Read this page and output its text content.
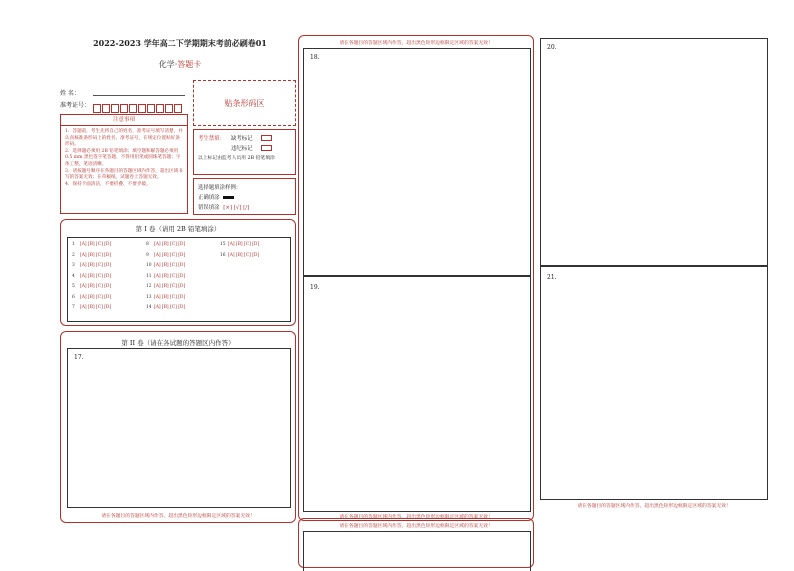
2022-2023 学年高二下学期期末考前必刷卷01
化学·答题卡
姓 名：
准考证号：	贴条形码区
注意事项
1．答题前，考生先将自己的姓名，准考证号填写清楚，并认真核准条形码上的姓名、准考证号，在规定位置贴好条形码。
2．选择题必须用 2B 铅笔填涂；填空题和解答题必须用 0.5 mm 黑色签字笔答题，不得用铅笔或圆珠笔答题；字体工整、笔迹清晰。
3．请按题号顺序在各题目的答题区域内作答，超出区域书写的答案无效；在草稿纸、试题卷上答题无效。
4．保持卡面清洁，不要折叠、不要弄破。
考生禁填： 缺考标记
违纪标记
以上标记由监考人员用 2B 铅笔填涂
选择题填涂样例：
正确填涂
错误填涂 [×] [√] [/]
第 I 卷（请用 2B 铅笔填涂）
1 [A] [B] [C] [D]
2 [A] [B] [C] [D]
3 [A] [B] [C] [D]
4 [A] [B] [C] [D]
5 [A] [B] [C] [D]
6 [A] [B] [C] [D]
7 [A] [B] [C] [D]
8 [A] [B] [C] [D]
9 [A] [B] [C] [D]
10 [A] [B] [C] [D]
11 [A] [B] [C] [D]
12 [A] [B] [C] [D]
13 [A] [B] [C] [D]
14 [A] [B] [C] [D]
15 [A] [B] [C] [D]
16 [A] [B] [C] [D]
第 II 卷（请在各试题的答题区内作答）
17.
请在各题目的答题区域内作答，超出黑色矩形边框限定区域的答案无效！
请在各题目的答题区域内作答，超出黑色矩形边框限定区域的答案无效！
18.
19.
请在各题目的答题区域内作答，超出黑色矩形边框限定区域的答案无效！
请在各题目的答题区域内作答，超出黑色矩形边框限定区域的答案无效！
20.
21.
请在各题目的答题区域内作答，超出黑色矩形边框限定区域的答案无效！
